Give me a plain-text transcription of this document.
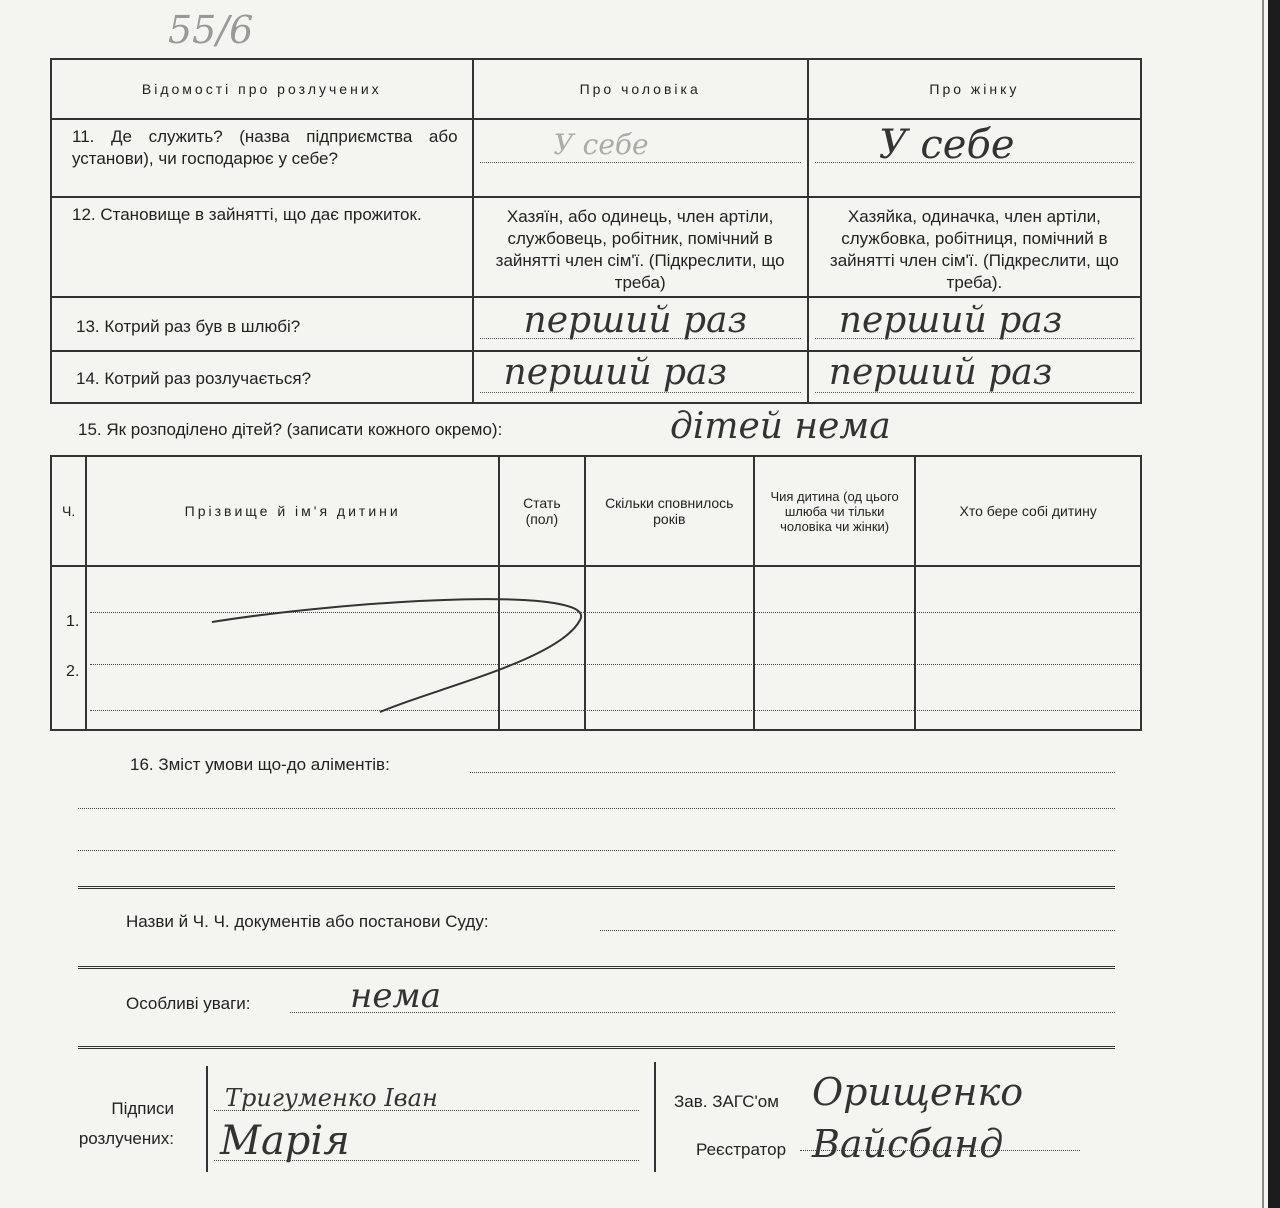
55/6
Відомості про розлучених	Про чоловіка	Про жінку
11. Де служить? (назва підприємства або установи), чи господарює у себе?	У себе	У себе

12. Становище в зайнятті, що дає прожиток.	Хазяїн, або одинець, член артіли, службовець, робітник, помічний в зайнятті член сім'ї. (Підкреслити, що треба)	Хазяйка, одиначка, член артіли, службовка, робітниця, помічний в зайнятті член сім'ї. (Підкреслити, що треба).

13. Котрий раз був в шлюбі?	перший раз	перший раз

14. Котрий раз розлучається?	перший раз	перший раз
15. Як розподілено дітей? (записати кожного окремо):	дітей нема
Ч.	Прізвище й ім'я дитини	Стать (пол)	Скільки сповнилось років	Чия дитина (од цього шлюба чи тільки чоловіка чи жінки)	Хто бере собі дитину

1.
2.					

16. Зміст умови що-до аліментів:
Назви й Ч. Ч. документів або постанови Суду:
Особливі уваги:	нема
Підписи розлучених:
Тригуменко Іван
Марія
Зав. ЗАГС'ом Орищенко
Реєстратор Вайсбанд
